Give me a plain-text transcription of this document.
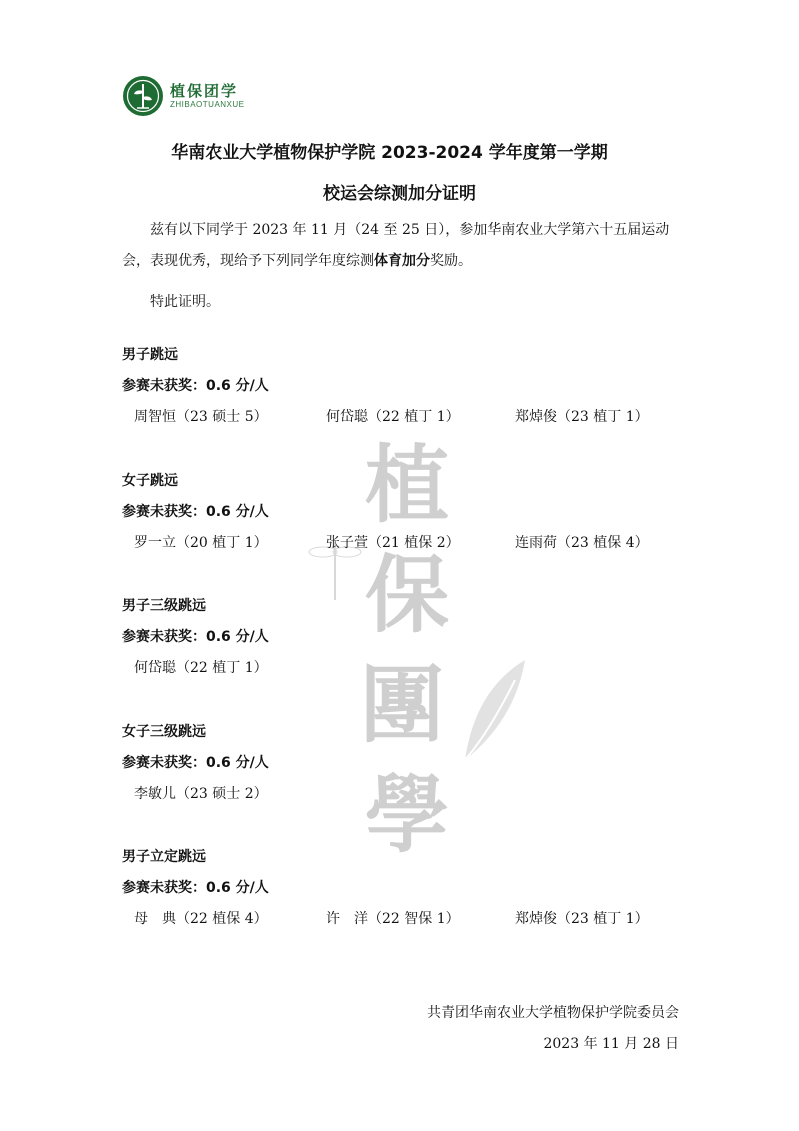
植保团学
ZHIBAOTUANXUE
植
保
團
學
华南农业大学植物保护学院 2023-2024 学年度第一学期
校运会综测加分证明
兹有以下同学于 2023 年 11 月（24 至 25 日），参加华南农业大学第六十五届运动会，表现优秀，现给予下列同学年度综测体育加分奖励。
特此证明。
男子跳远
参赛未获奖：0.6 分/人
周智恒（23 硕士 5）	何岱聪（22 植丁 1）	郑焯俊（23 植丁 1）
女子跳远
参赛未获奖：0.6 分/人
罗一立（20 植丁 1）	张子萱（21 植保 2）	连雨荷（23 植保 4）
男子三级跳远
参赛未获奖：0.6 分/人
何岱聪（22 植丁 1）
女子三级跳远
参赛未获奖：0.6 分/人
李敏儿（23 硕士 2）
男子立定跳远
参赛未获奖：0.6 分/人
母　典（22 植保 4）	许　洋（22 智保 1）	郑焯俊（23 植丁 1）
共青团华南农业大学植物保护学院委员会
2023 年 11 月 28 日
